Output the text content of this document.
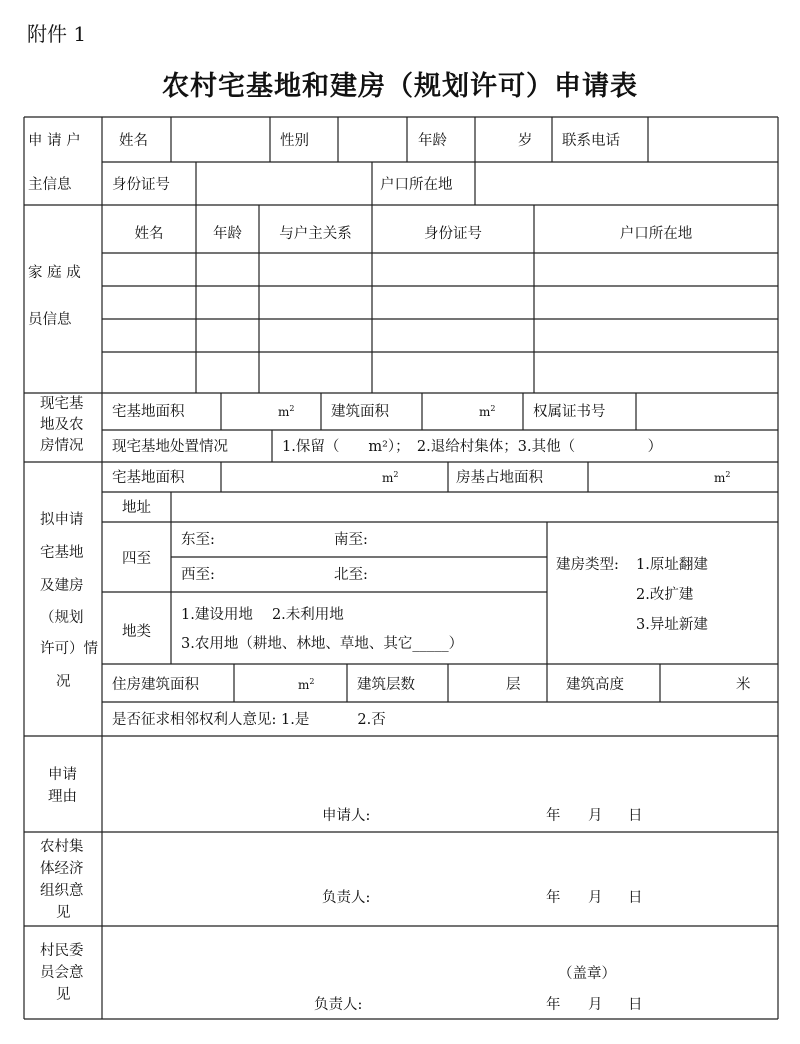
附件 1
农村宅基地和建房（规划许可）申请表
申 请 户
主信息
姓名	性别	年龄	岁 联系电话
身份证号	户口所在地
家 庭 成
员信息
姓名	年龄	与户主关系	身份证号	户口所在地
现宅基
地及农
房情况
宅基地面积	m 2	建筑面积	m 2	权属证书号
现宅基地处置情况	1.保留（　　m²）；　2.退给村集体；3.其他（　　　　　）
拟申请
宅基地
及建房
（规划
许可）情
况
宅基地面积	m 2	房基占地面积	m 2
地址
四至
东至:	南至:
西至:	北至:
地类
1.建设用地　 2.未利用地
3.农用地（耕地、林地、草地、其它_____）
建房类型: 1.原址翻建
2.改扩建
3.异址新建
住房建筑面积	m 2	建筑层数	层	建筑高度	米
是否征求相邻权利人意见: 1.是　　　 2.否
申请
理由
申请人:	年 月 日
农村集
体经济
组织意
见
负责人:	年 月 日
村民委
员会意
见
（盖章）
负责人:	年 月 日
